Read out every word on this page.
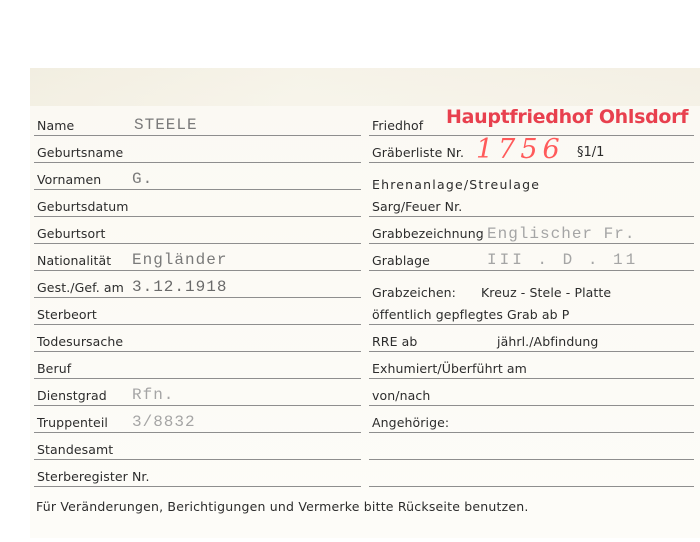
Name	STEELE
Geburtsname
Vornamen G.
Geburtsdatum
Geburtsort
Nationalität Engländer
Gest./Gef. am 3.12.1918
Sterbeort
Todesursache
Beruf
Dienstgrad Rfn.
Truppenteil 3/8832
Standesamt
Sterberegister Nr.
Friedhof Hauptfriedhof Ohlsdorf
Gräberliste Nr. 1756 §1/1
Ehrenanlage/Streulage
Sarg/Feuer Nr.
Grabbezeichnung Englischer Fr.
Grablage	III . D . 11
Grabzeichen: Kreuz - Stele - Platte
öffentlich gepflegtes Grab ab P
RRE ab	jährl./Abfindung
Exhumiert/Überführt am
von/nach
Angehörige:
Für Veränderungen, Berichtigungen und Vermerke bitte Rückseite benutzen.
